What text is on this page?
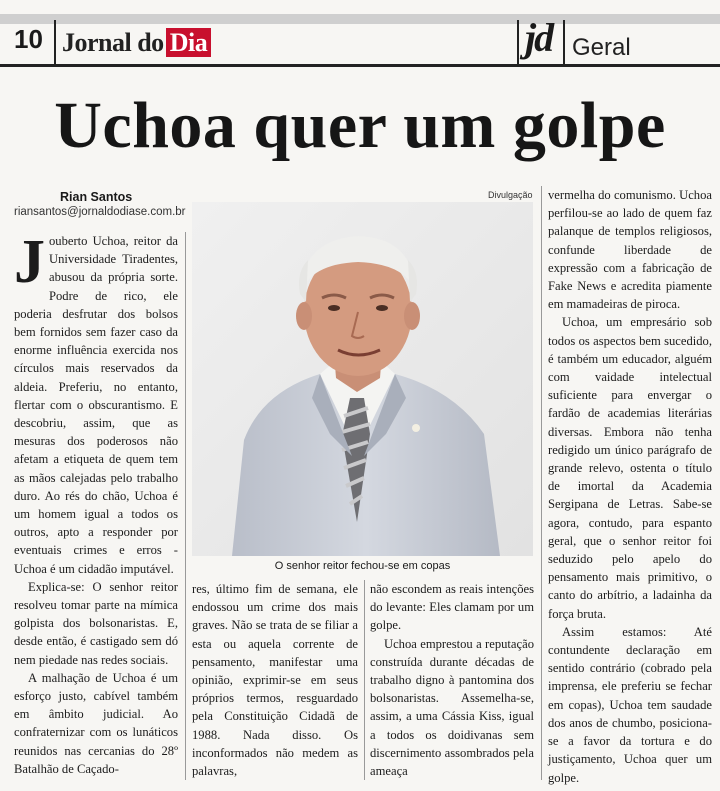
10 Jornal do Dia	jd Geral
Uchoa quer um golpe
Rian Santos
riansantos@jornaldodiase.com.br
Divulgação
O senhor reitor fechou-se em copas

Jouberto Uchoa, reitor da Universidade Tiradentes, abusou da própria sorte. Podre de rico, ele poderia desfrutar dos bolsos bem fornidos sem fazer caso da enorme influência exercida nos círculos mais reservados da aldeia. Preferiu, no entanto, flertar com o obscurantismo. E descobriu, assim, que as mesuras dos poderosos não afetam a etiqueta de quem tem as mãos calejadas pelo trabalho duro. Ao rés do chão, Uchoa é um homem igual a todos os outros, apto a responder por eventuais crimes e erros - Uchoa é um cidadão imputável.

Explica-se: O senhor reitor resolveu tomar parte na mímica golpista dos bolsonaristas. E, desde então, é castigado sem dó nem piedade nas redes sociais.

A malhação de Uchoa é um esforço justo, cabível também em âmbito judicial. Ao confraternizar com os lunáticos reunidos nas cercanias do 28º Batalhão de Caçado-

res, último fim de semana, ele endossou um crime dos mais graves. Não se trata de se filiar a esta ou aquela corrente de pensamento, manifestar uma opinião, exprimir-se em seus próprios termos, resguardado pela Constituição Cidadã de 1988. Nada disso. Os inconformados não medem as palavras,

não escondem as reais intenções do levante: Eles clamam por um golpe.

Uchoa emprestou a reputação construída durante décadas de trabalho digno à pantomina dos bolsonaristas. Assemelha-se, assim, a uma Cássia Kiss, igual a todos os doidivanas sem discernimento assombrados pela ameaça

vermelha do comunismo. Uchoa perfilou-se ao lado de quem faz palanque de templos religiosos, confunde liberdade de expressão com a fabricação de Fake News e acredita piamente em mamadeiras de piroca.

Uchoa, um empresário sob todos os aspectos bem sucedido, é também um educador, alguém com vaidade intelectual suficiente para envergar o fardão de academias literárias diversas. Embora não tenha redigido um único parágrafo de grande relevo, ostenta o título de imortal da Academia Sergipana de Letras. Sabe-se agora, contudo, para espanto geral, que o senhor reitor foi seduzido pelo apelo do pensamento mais primitivo, o canto do arbítrio, a ladainha da força bruta.

Assim estamos: Até contundente declaração em sentido contrário (cobrado pela imprensa, ele preferiu se fechar em copas), Uchoa tem saudade dos anos de chumbo, posiciona-se a favor da tortura e do justiçamento, Uchoa quer um golpe.
